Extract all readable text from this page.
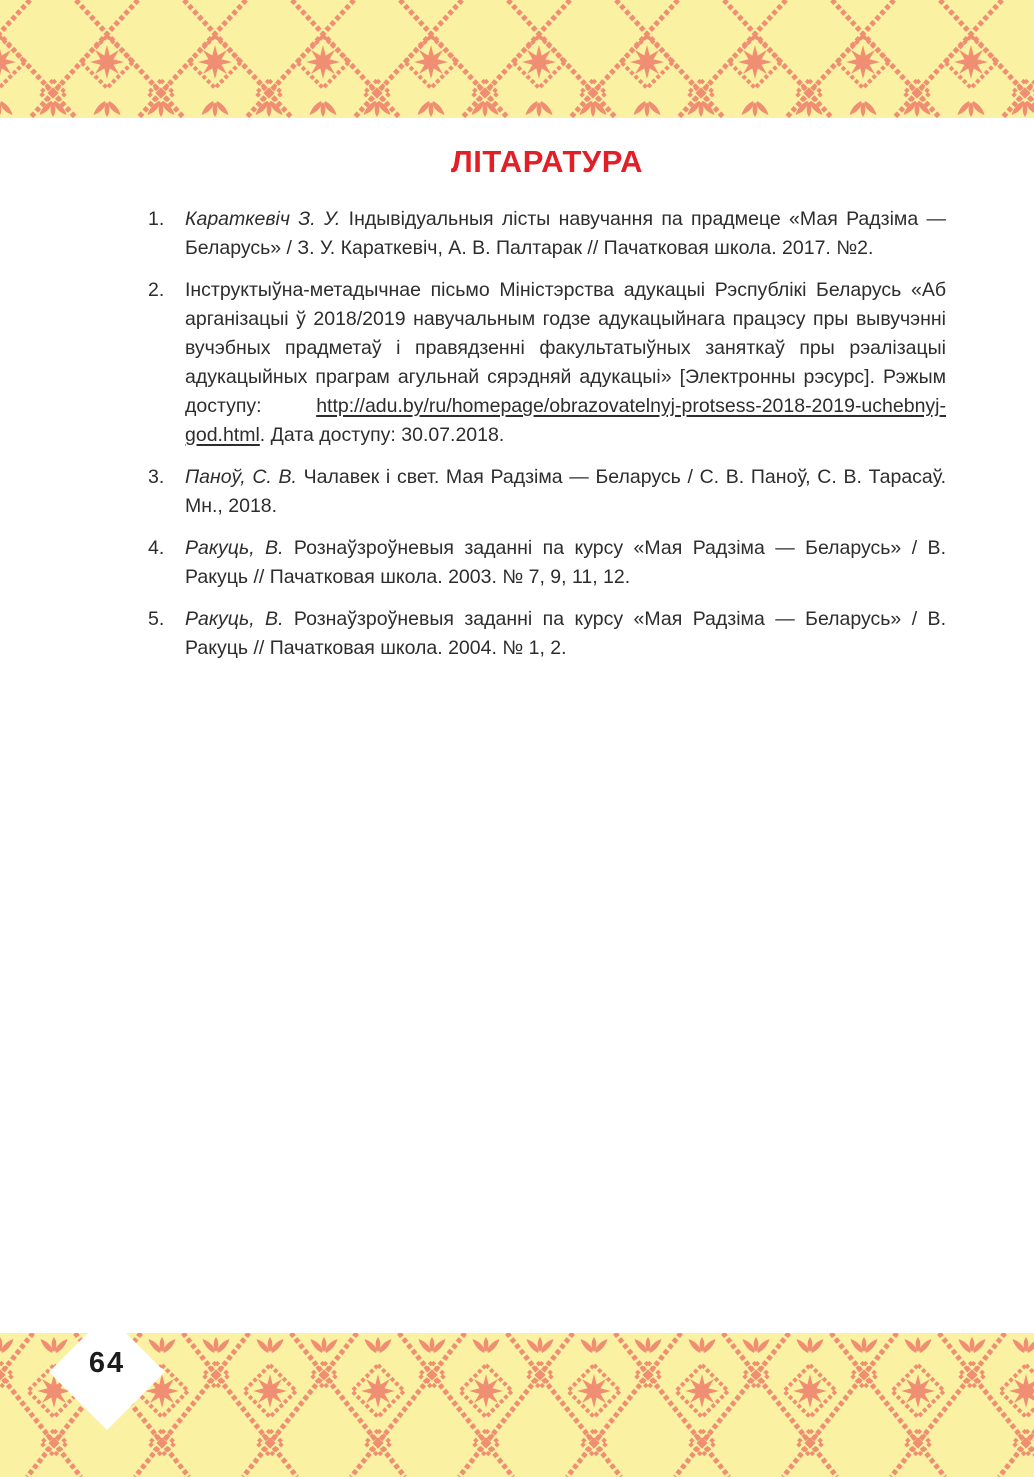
ЛІТАРАТУРА
1. Караткевіч З. У. Індывідуальныя лісты навучання па прадмеце «Мая Радзіма — Беларусь» / З. У. Караткевіч, А. В. Палтарак // Пачатковая школа. 2017. №2.
2. Інструктыўна-метадычнае пісьмо Міністэрства адукацыі Рэспублікі Беларусь «Аб арганізацыі ў 2018/2019 навучальным годзе адукацыйнага працэсу пры вывучэнні вучэбных прадметаў і правядзенні факультатыўных заняткаў пры рэалізацыі адукацыйных праграм агульнай сярэдняй адукацыі» [Электронны рэсурс]. Рэжым доступу: http://adu.by/ru/homepage/obrazovatelnyj-protsess-2018-2019-uchebnyj-god.html. Дата доступу: 30.07.2018.
3. Паноў, С. В. Чалавек і свет. Мая Радзіма — Беларусь / С. В. Паноў, С. В. Тарасаў. Мн., 2018.
4. Ракуць, В. Рознаўзроўневыя заданні па курсу «Мая Радзіма — Беларусь» / В. Ракуць // Пачатковая школа. 2003. № 7, 9, 11, 12.
5. Ракуць, В. Рознаўзроўневыя заданні па курсу «Мая Радзіма — Беларусь» / В. Ракуць // Пачатковая школа. 2004. № 1, 2.
64
